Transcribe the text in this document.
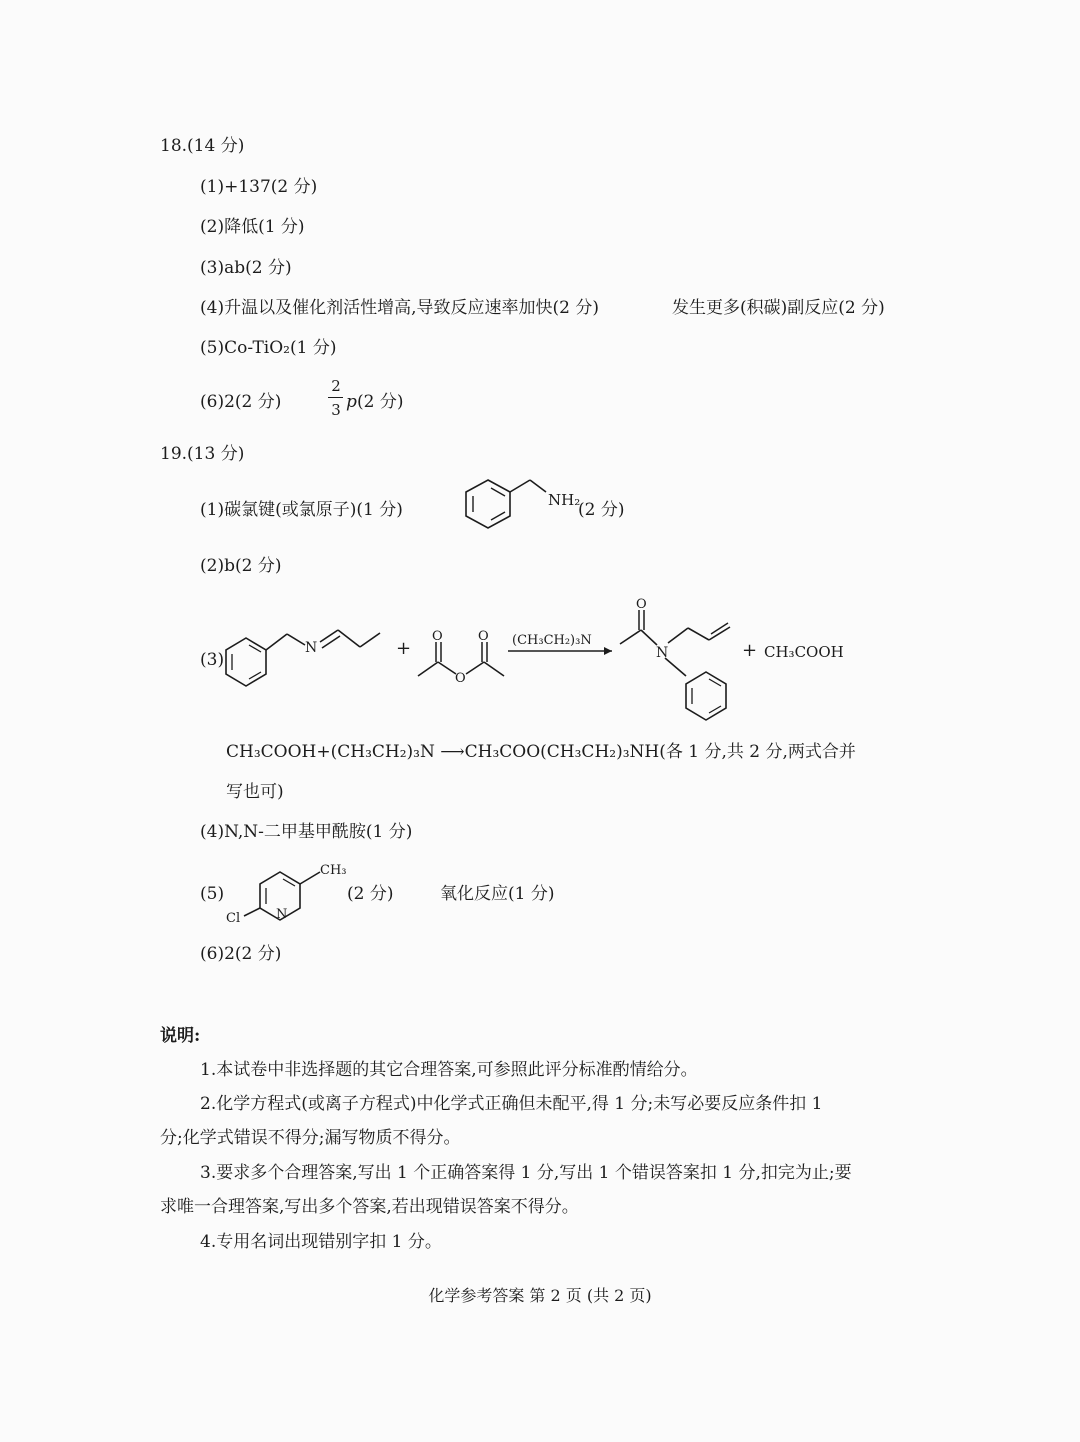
18.(14 分)
(1)+137(2 分)
(2)降低(1 分)
(3)ab(2 分)
(4)升温以及催化剂活性增高,导致反应速率加快(2 分)	发生更多(积碳)副反应(2 分)
(5)Co-TiO₂(1 分)
(6)2(2 分)
2
3 p (2 分)
19.(13 分)
(1)碳氯键(或氯原子)(1 分)	NH₂
(2 分)
(2)b(2 分)
(3)
N	+
O
O
O (CH₃CH₂)₃N
O
N	+ CH₃COOH
CH₃COOH+(CH₃CH₂)₃N ⟶CH₃COO(CH₃CH₂)₃NH(各 1 分,共 2 分,两式合并
写也可)
(4)N,N-二甲基甲酰胺(1 分)
(5)
CH₃
N
Cl
(2 分)	氧化反应(1 分)
(6)2(2 分)
说明:
1.本试卷中非选择题的其它合理答案,可参照此评分标准酌情给分。
2.化学方程式(或离子方程式)中化学式正确但未配平,得 1 分;未写必要反应条件扣 1
分;化学式错误不得分;漏写物质不得分。
3.要求多个合理答案,写出 1 个正确答案得 1 分,写出 1 个错误答案扣 1 分,扣完为止;要
求唯一合理答案,写出多个答案,若出现错误答案不得分。
4.专用名词出现错别字扣 1 分。
化学参考答案 第 2 页 (共 2 页)
